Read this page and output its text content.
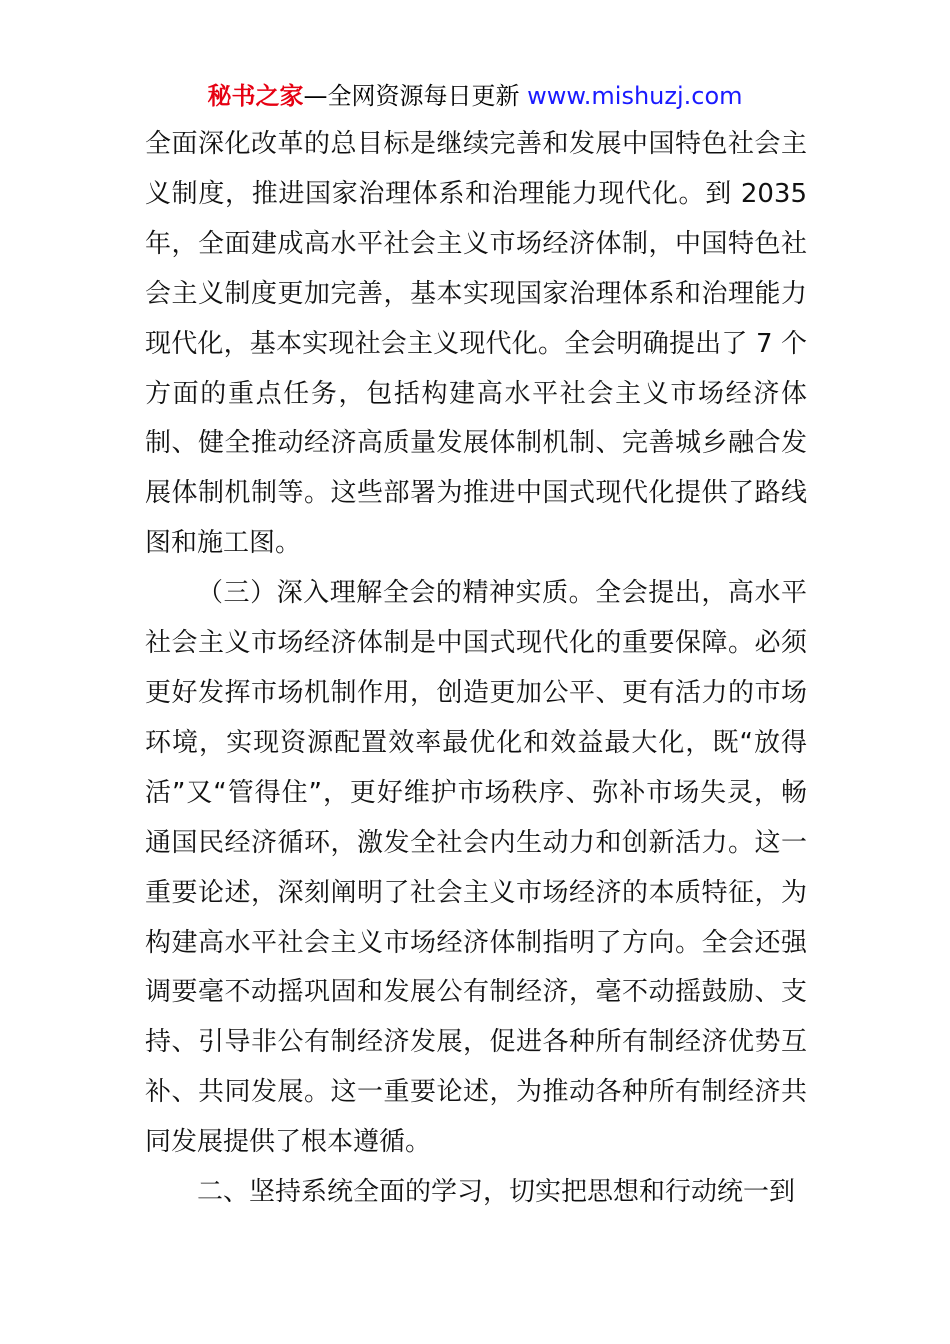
秘书之家—全网资源每日更新 www.mishuzj.com

全面深化改革的总目标是继续完善和发展中国特色社会主义制度，推进国家治理体系和治理能力现代化。到 2035 年，全面建成高水平社会主义市场经济体制，中国特色社会主义制度更加完善，基本实现国家治理体系和治理能力现代化，基本实现社会主义现代化。全会明确提出了 7 个方面的重点任务，包括构建高水平社会主义市场经济体制、健全推动经济高质量发展体制机制、完善城乡融合发展体制机制等。这些部署为推进中国式现代化提供了路线图和施工图。

（三）深入理解全会的精神实质。全会提出，高水平社会主义市场经济体制是中国式现代化的重要保障。必须更好发挥市场机制作用，创造更加公平、更有活力的市场环境，实现资源配置效率最优化和效益最大化，既“放得活”又“管得住”，更好维护市场秩序、弥补市场失灵，畅通国民经济循环，激发全社会内生动力和创新活力。这一重要论述，深刻阐明了社会主义市场经济的本质特征，为构建高水平社会主义市场经济体制指明了方向。全会还强调要毫不动摇巩固和发展公有制经济，毫不动摇鼓励、支持、引导非公有制经济发展，促进各种所有制经济优势互补、共同发展。这一重要论述，为推动各种所有制经济共同发展提供了根本遵循。

二、坚持系统全面的学习，切实把思想和行动统一到
